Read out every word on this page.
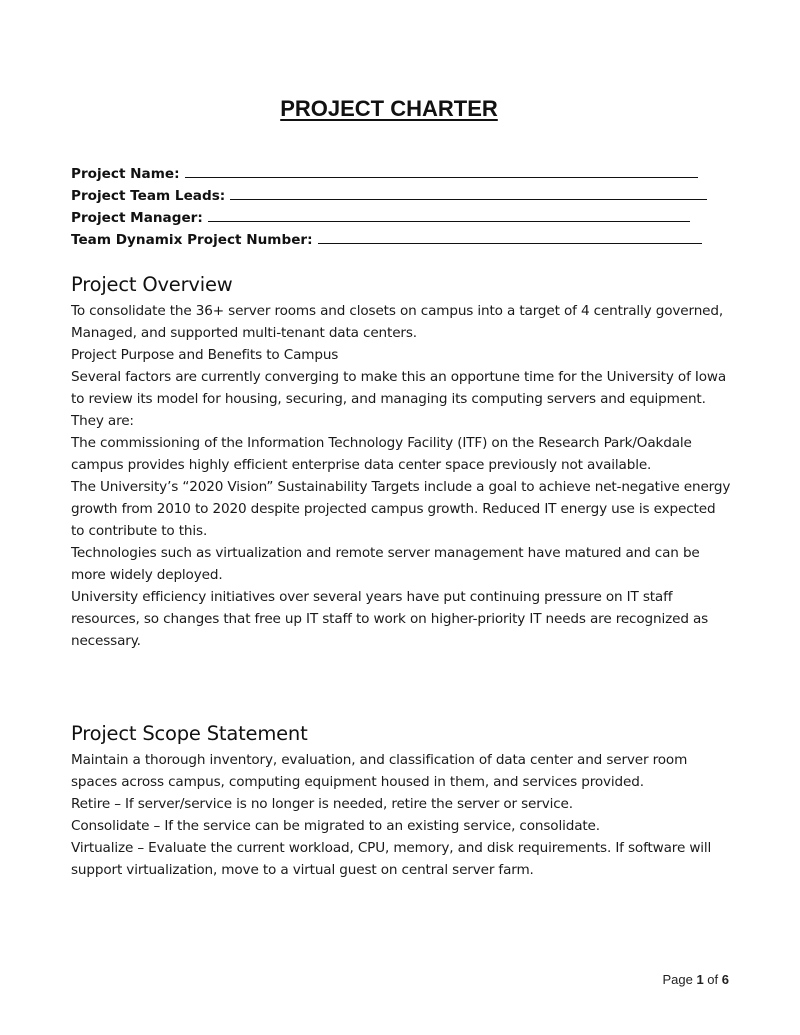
PROJECT CHARTER
Project Name:
Project Team Leads:
Project Manager:
Team Dynamix Project Number:
Project Overview

To consolidate the 36+ server rooms and closets on campus into a target of 4 centrally governed,

Managed, and supported multi-tenant data centers.

Project Purpose and Benefits to Campus

Several factors are currently converging to make this an opportune time for the University of Iowa to review its model for housing, securing, and managing its computing servers and equipment. They are:

The commissioning of the Information Technology Facility (ITF) on the Research Park/Oakdale campus provides highly efficient enterprise data center space previously not available.

The University’s “2020 Vision” Sustainability Targets include a goal to achieve net-negative energy growth from 2010 to 2020 despite projected campus growth. Reduced IT energy use is expected to contribute to this.

Technologies such as virtualization and remote server management have matured and can be more widely deployed.

University efficiency initiatives over several years have put continuing pressure on IT staff resources, so changes that free up IT staff to work on higher-priority IT needs are recognized as necessary.

Project Scope Statement

Maintain a thorough inventory, evaluation, and classification of data center and server room spaces across campus, computing equipment housed in them, and services provided.

Retire – If server/service is no longer is needed, retire the server or service.

Consolidate – If the service can be migrated to an existing service, consolidate.

Virtualize – Evaluate the current workload, CPU, memory, and disk requirements. If software will support virtualization, move to a virtual guest on central server farm.

Page 1 of 6
